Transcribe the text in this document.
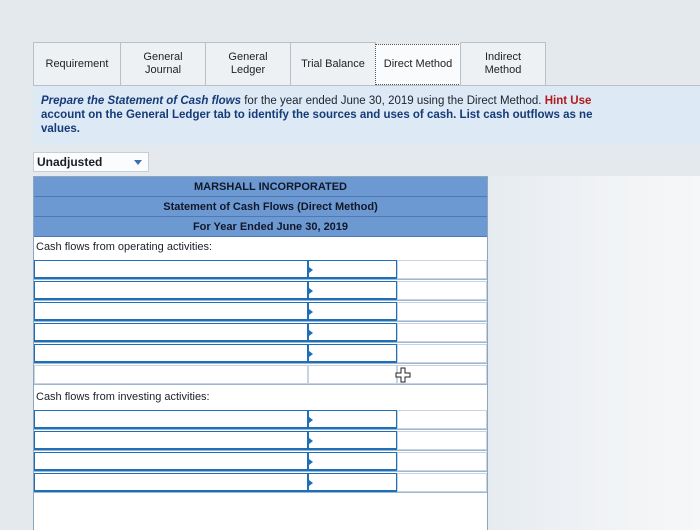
Requirement
General
Journal
General
Ledger
Trial Balance Direct Method
Indirect
Method
Prepare the Statement of Cash flows for the year ended June 30, 2019 using the Direct Method. Hint Use
account on the General Ledger tab to identify the sources and uses of cash. List cash outflows as ne
values.
Unadjusted
MARSHALL INCORPORATED
Statement of Cash Flows (Direct Method)
For Year Ended June 30, 2019
Cash flows from operating activities:
Cash flows from investing activities:
